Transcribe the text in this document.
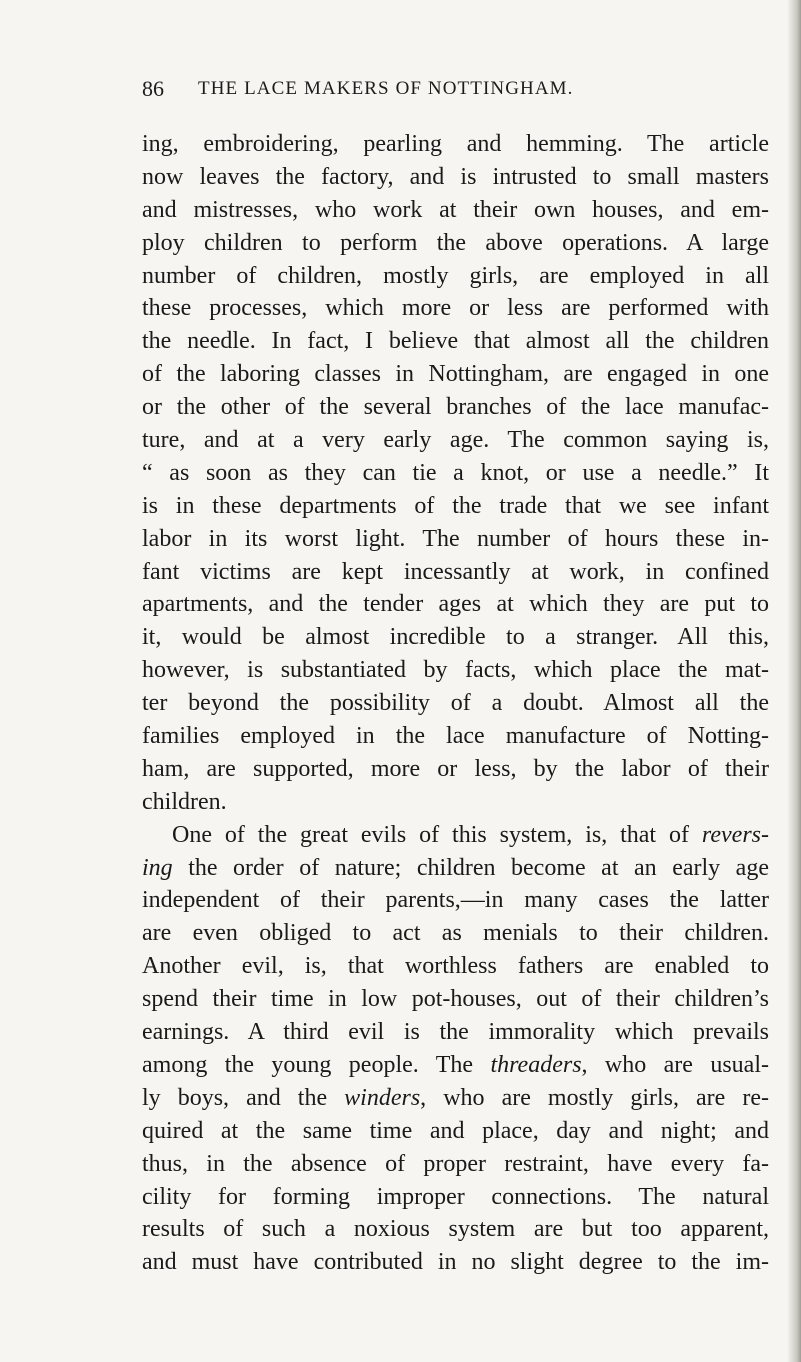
86 THE LACE MAKERS OF NOTTINGHAM.
ing, embroidering, pearling and hemming. The article
now leaves the factory, and is intrusted to small masters
and mistresses, who work at their own houses, and em-
ploy children to perform the above operations. A large
number of children, mostly girls, are employed in all
these processes, which more or less are performed with
the needle. In fact, I believe that almost all the children
of the laboring classes in Nottingham, are engaged in one
or the other of the several branches of the lace manufac-
ture, and at a very early age. The common saying is,
“ as soon as they can tie a knot, or use a needle.” It
is in these departments of the trade that we see infant
labor in its worst light. The number of hours these in-
fant victims are kept incessantly at work, in confined
apartments, and the tender ages at which they are put to
it, would be almost incredible to a stranger. All this,
however, is substantiated by facts, which place the mat-
ter beyond the possibility of a doubt. Almost all the
families employed in the lace manufacture of Notting-
ham, are supported, more or less, by the labor of their
children.
One of the great evils of this system, is, that of revers-
ing the order of nature; children become at an early age
independent of their parents,—in many cases the latter
are even obliged to act as menials to their children.
Another evil, is, that worthless fathers are enabled to
spend their time in low pot-houses, out of their children’s
earnings. A third evil is the immorality which prevails
among the young people. The threaders, who are usual-
ly boys, and the winders, who are mostly girls, are re-
quired at the same time and place, day and night; and
thus, in the absence of proper restraint, have every fa-
cility for forming improper connections. The natural
results of such a noxious system are but too apparent,
and must have contributed in no slight degree to the im-
